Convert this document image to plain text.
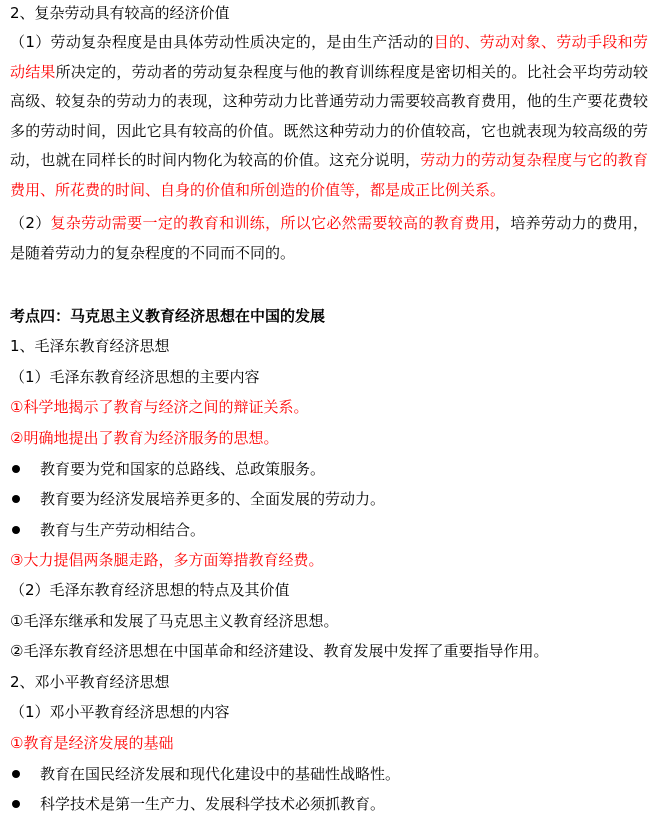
2、复杂劳动具有较高的经济价值
（1）劳动复杂程度是由具体劳动性质决定的，是由生产活动的目的、劳动对象、劳动手段和劳动结果所决定的，劳动者的劳动复杂程度与他的教育训练程度是密切相关的。比社会平均劳动较高级、较复杂的劳动力的表现，这种劳动力比普通劳动力需要较高教育费用，他的生产要花费较多的劳动时间，因此它具有较高的价值。既然这种劳动力的价值较高，它也就表现为较高级的劳动，也就在同样长的时间内物化为较高的价值。这充分说明，劳动力的劳动复杂程度与它的教育费用、所花费的时间、自身的价值和所创造的价值等，都是成正比例关系。
（2）复杂劳动需要一定的教育和训练，所以它必然需要较高的教育费用，培养劳动力的费用，是随着劳动力的复杂程度的不同而不同的。
考点四：马克思主义教育经济思想在中国的发展
1、毛泽东教育经济思想
（1）毛泽东教育经济思想的主要内容
①科学地揭示了教育与经济之间的辩证关系。
②明确地提出了教育为经济服务的思想。
教育要为党和国家的总路线、总政策服务。
教育要为经济发展培养更多的、全面发展的劳动力。
教育与生产劳动相结合。
③大力提倡两条腿走路，多方面筹措教育经费。
（2）毛泽东教育经济思想的特点及其价值
①毛泽东继承和发展了马克思主义教育经济思想。
②毛泽东教育经济思想在中国革命和经济建设、教育发展中发挥了重要指导作用。
2、邓小平教育经济思想
（1）邓小平教育经济思想的内容
①教育是经济发展的基础
教育在国民经济发展和现代化建设中的基础性战略性。
科学技术是第一生产力、发展科学技术必须抓教育。
